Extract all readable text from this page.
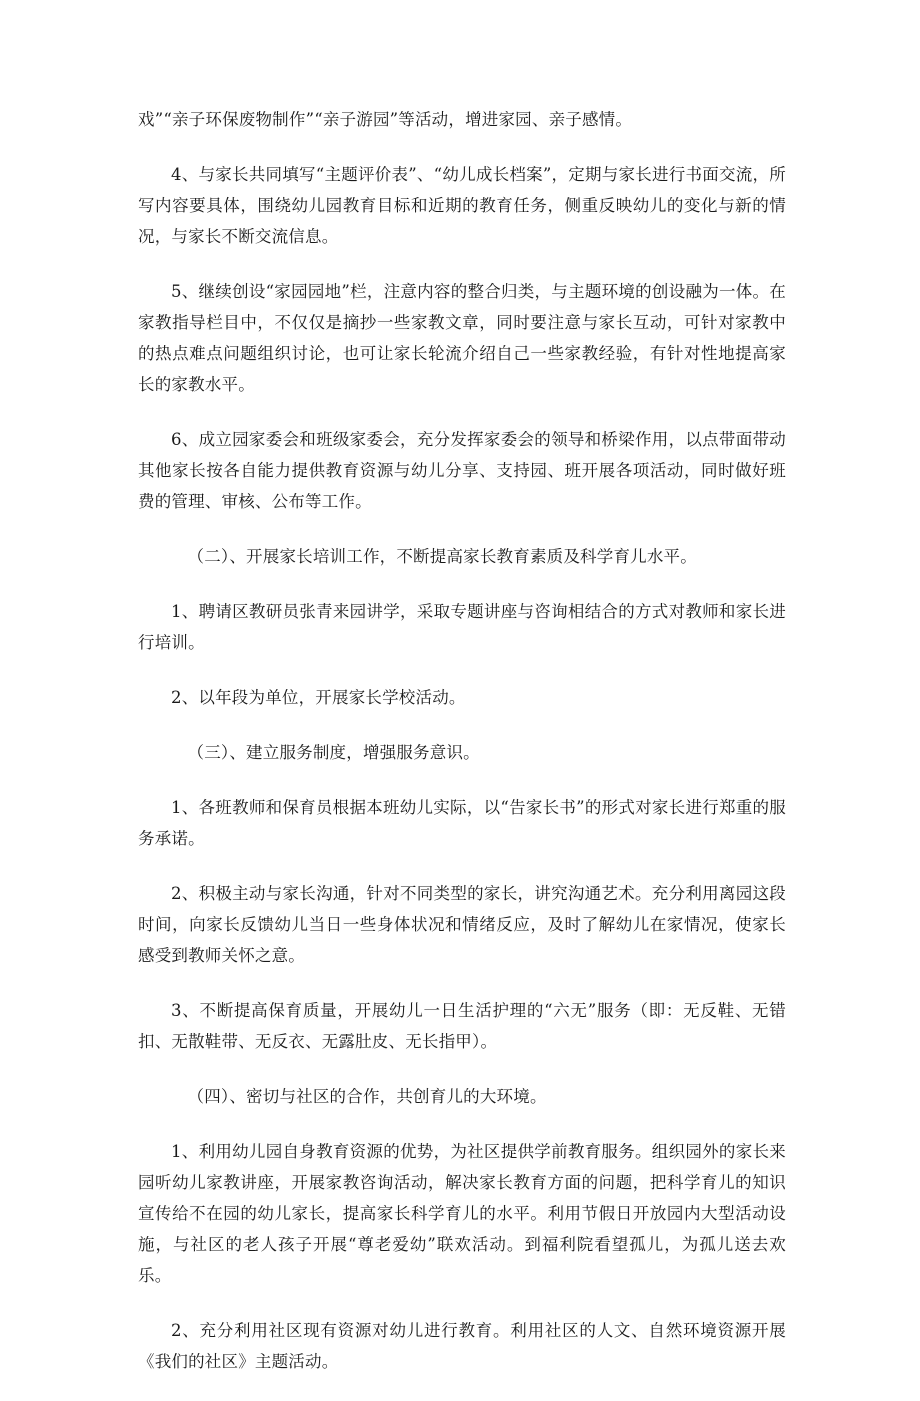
戏”“亲子环保废物制作”“亲子游园”等活动，增进家园、亲子感情。

4、与家长共同填写“主题评价表”、“幼儿成长档案”，定期与家长进行书面交流，所写内容要具体，围绕幼儿园教育目标和近期的教育任务，侧重反映幼儿的变化与新的情况，与家长不断交流信息。

5、继续创设“家园园地”栏，注意内容的整合归类，与主题环境的创设融为一体。在家教指导栏目中，不仅仅是摘抄一些家教文章，同时要注意与家长互动，可针对家教中的热点难点问题组织讨论，也可让家长轮流介绍自己一些家教经验，有针对性地提高家长的家教水平。

6、成立园家委会和班级家委会，充分发挥家委会的领导和桥梁作用，以点带面带动其他家长按各自能力提供教育资源与幼儿分享、支持园、班开展各项活动，同时做好班费的管理、审核、公布等工作。

（二）、开展家长培训工作，不断提高家长教育素质及科学育儿水平。

1、聘请区教研员张青来园讲学，采取专题讲座与咨询相结合的方式对教师和家长进行培训。

2、以年段为单位，开展家长学校活动。

（三）、建立服务制度，增强服务意识。

1、各班教师和保育员根据本班幼儿实际，以“告家长书”的形式对家长进行郑重的服务承诺。

2、积极主动与家长沟通，针对不同类型的家长，讲究沟通艺术。充分利用离园这段时间，向家长反馈幼儿当日一些身体状况和情绪反应，及时了解幼儿在家情况，使家长感受到教师关怀之意。

3、不断提高保育质量，开展幼儿一日生活护理的“六无”服务（即：无反鞋、无错扣、无散鞋带、无反衣、无露肚皮、无长指甲）。

（四）、密切与社区的合作，共创育儿的大环境。

1、利用幼儿园自身教育资源的优势，为社区提供学前教育服务。组织园外的家长来园听幼儿家教讲座，开展家教咨询活动，解决家长教育方面的问题，把科学育儿的知识宣传给不在园的幼儿家长，提高家长科学育儿的水平。利用节假日开放园内大型活动设施，与社区的老人孩子开展“尊老爱幼”联欢活动。到福利院看望孤儿，为孤儿送去欢乐。

2、充分利用社区现有资源对幼儿进行教育。利用社区的人文、自然环境资源开展《我们的社区》主题活动。
